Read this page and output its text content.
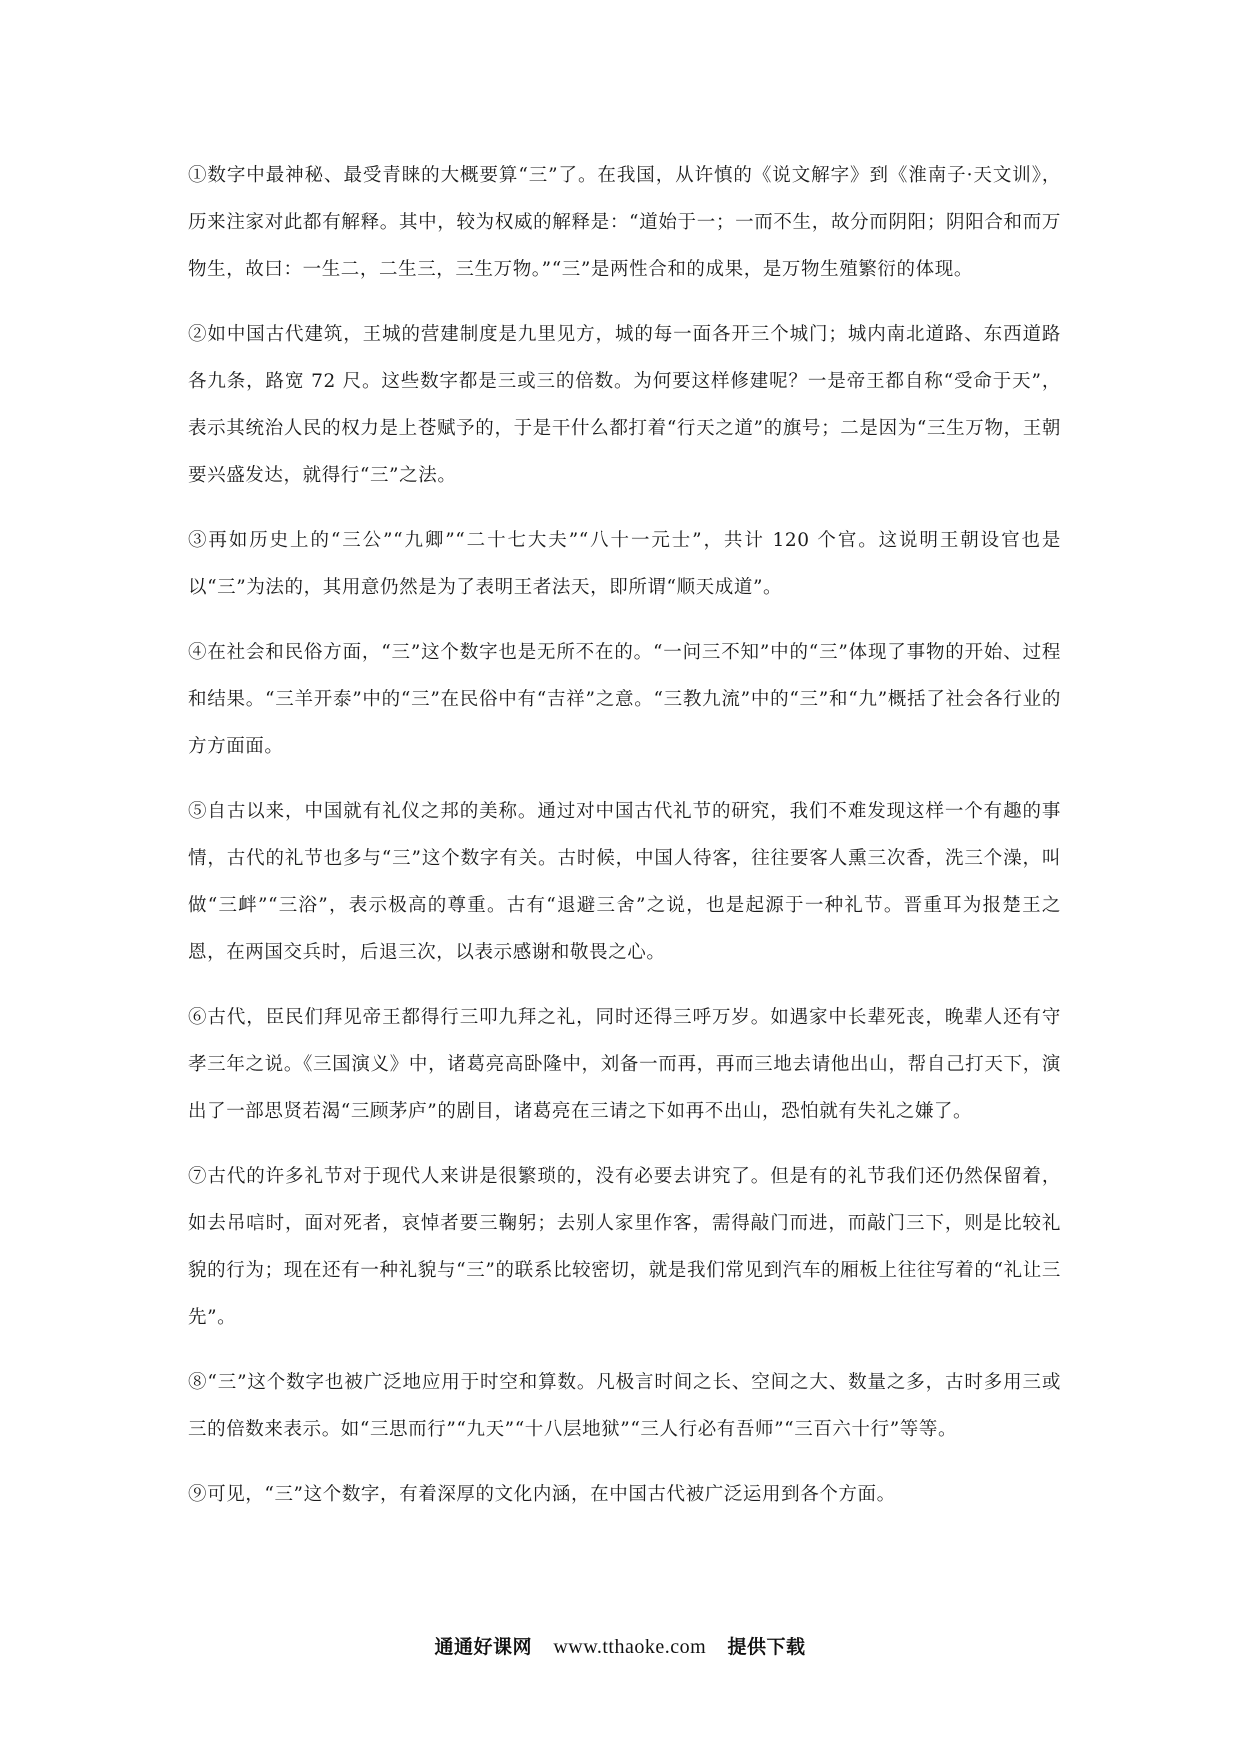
①数字中最神秘、最受青睐的大概要算“三”了。在我国，从许慎的《说文解字》到《淮南子·天文训》，历来注家对此都有解释。其中，较为权威的解释是：“道始于一；一而不生，故分而阴阳；阴阳合和而万物生，故曰：一生二，二生三，三生万物。”“三”是两性合和的成果，是万物生殖繁衍的体现。

②如中国古代建筑，王城的营建制度是九里见方，城的每一面各开三个城门；城内南北道路、东西道路各九条，路宽 72 尺。这些数字都是三或三的倍数。为何要这样修建呢？一是帝王都自称“受命于天”，表示其统治人民的权力是上苍赋予的，于是干什么都打着“行天之道”的旗号；二是因为“三生万物，王朝要兴盛发达，就得行“三”之法。

③再如历史上的“三公”“九卿”“二十七大夫”“八十一元士”，共计 120 个官。这说明王朝设官也是以“三”为法的，其用意仍然是为了表明王者法天，即所谓“顺天成道”。

④在社会和民俗方面，“三”这个数字也是无所不在的。“一问三不知”中的“三”体现了事物的开始、过程和结果。“三羊开泰”中的“三”在民俗中有“吉祥”之意。“三教九流”中的“三”和“九”概括了社会各行业的方方面面。

⑤自古以来，中国就有礼仪之邦的美称。通过对中国古代礼节的研究，我们不难发现这样一个有趣的事情，古代的礼节也多与“三”这个数字有关。古时候，中国人待客，往往要客人熏三次香，洗三个澡，叫做“三衅”“三浴”，表示极高的尊重。古有“退避三舍”之说，也是起源于一种礼节。晋重耳为报楚王之恩，在两国交兵时，后退三次，以表示感谢和敬畏之心。

⑥古代，臣民们拜见帝王都得行三叩九拜之礼，同时还得三呼万岁。如遇家中长辈死丧，晚辈人还有守孝三年之说。《三国演义》中，诸葛亮高卧隆中，刘备一而再，再而三地去请他出山，帮自己打天下，演出了一部思贤若渴“三顾茅庐”的剧目，诸葛亮在三请之下如再不出山，恐怕就有失礼之嫌了。

⑦古代的许多礼节对于现代人来讲是很繁琐的，没有必要去讲究了。但是有的礼节我们还仍然保留着，如去吊唁时，面对死者，哀悼者要三鞠躬；去别人家里作客，需得敲门而进，而敲门三下，则是比较礼貌的行为；现在还有一种礼貌与“三”的联系比较密切，就是我们常见到汽车的厢板上往往写着的“礼让三先”。

⑧“三”这个数字也被广泛地应用于时空和算数。凡极言时间之长、空间之大、数量之多，古时多用三或三的倍数来表示。如“三思而行”“九天”“十八层地狱”“三人行必有吾师”“三百六十行”等等。

⑨可见，“三”这个数字，有着深厚的文化内涵，在中国古代被广泛运用到各个方面。

通通好课网 www.tthaoke.com 提供下载
